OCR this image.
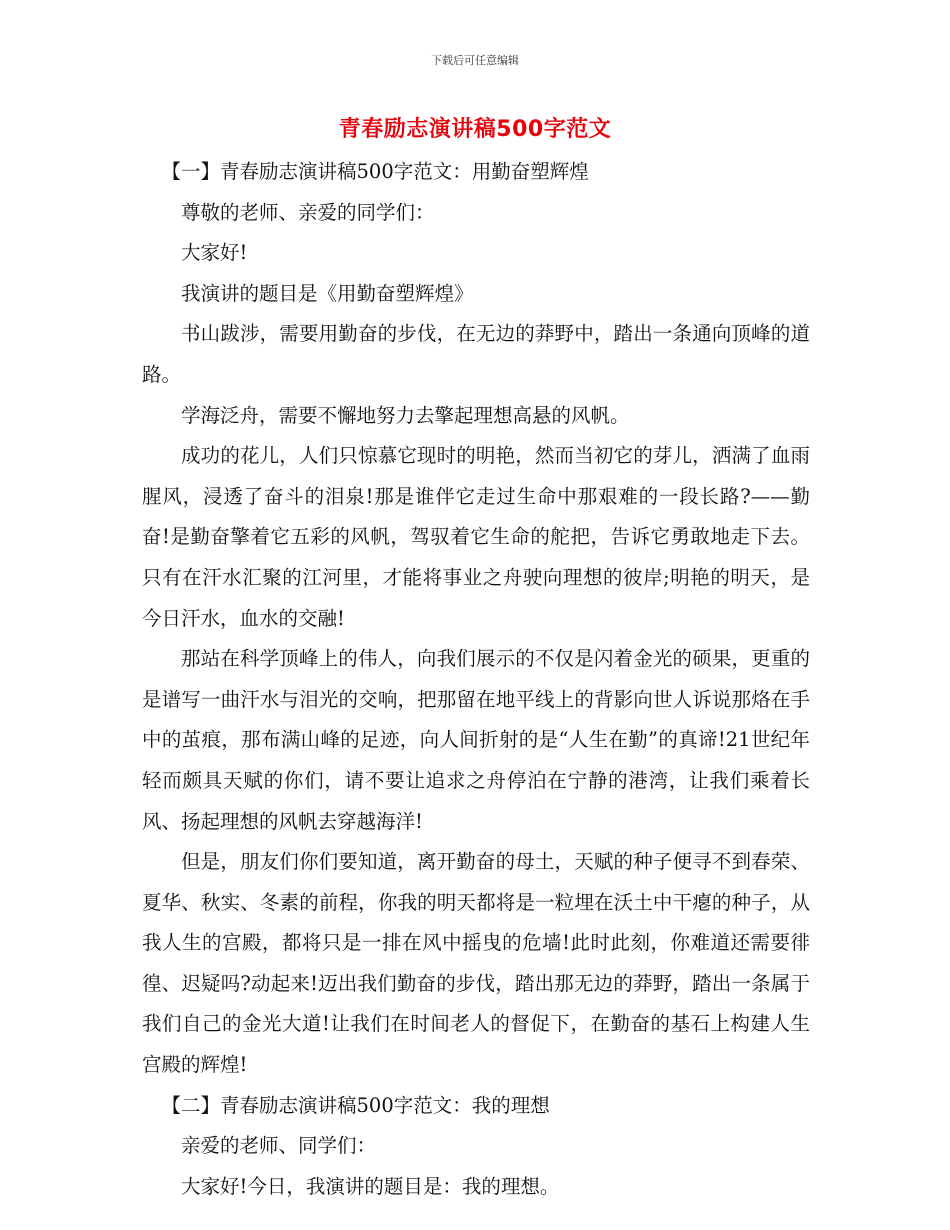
下载后可任意编辑
青春励志演讲稿500字范文

【一】青春励志演讲稿500字范文：用勤奋塑辉煌

尊敬的老师、亲爱的同学们：

大家好!

我演讲的题目是《用勤奋塑辉煌》

书山跋涉，需要用勤奋的步伐，在无边的莽野中，踏出一条通向顶峰的道路。

学海泛舟，需要不懈地努力去擎起理想高悬的风帆。

成功的花儿，人们只惊慕它现时的明艳，然而当初它的芽儿，洒满了血雨腥风，浸透了奋斗的泪泉!那是谁伴它走过生命中那艰难的一段长路?——勤奋!是勤奋擎着它五彩的风帆，驾驭着它生命的舵把，告诉它勇敢地走下去。只有在汗水汇聚的江河里，才能将事业之舟驶向理想的彼岸;明艳的明天，是今日汗水，血水的交融!

那站在科学顶峰上的伟人，向我们展示的不仅是闪着金光的硕果，更重的是谱写一曲汗水与泪光的交响，把那留在地平线上的背影向世人诉说那烙在手中的茧痕，那布满山峰的足迹，向人间折射的是“人生在勤”的真谛!21世纪年轻而颇具天赋的你们，请不要让追求之舟停泊在宁静的港湾，让我们乘着长风、扬起理想的风帆去穿越海洋!

但是，朋友们你们要知道，离开勤奋的母土，天赋的种子便寻不到春荣、夏华、秋实、冬素的前程，你我的明天都将是一粒埋在沃土中干瘪的种子，从我人生的宫殿，都将只是一排在风中摇曳的危墙!此时此刻，你难道还需要徘徨、迟疑吗?动起来!迈出我们勤奋的步伐，踏出那无边的莽野，踏出一条属于我们自己的金光大道!让我们在时间老人的督促下，在勤奋的基石上构建人生宫殿的辉煌!

【二】青春励志演讲稿500字范文：我的理想

亲爱的老师、同学们：

大家好!今日，我演讲的题目是：我的理想。
